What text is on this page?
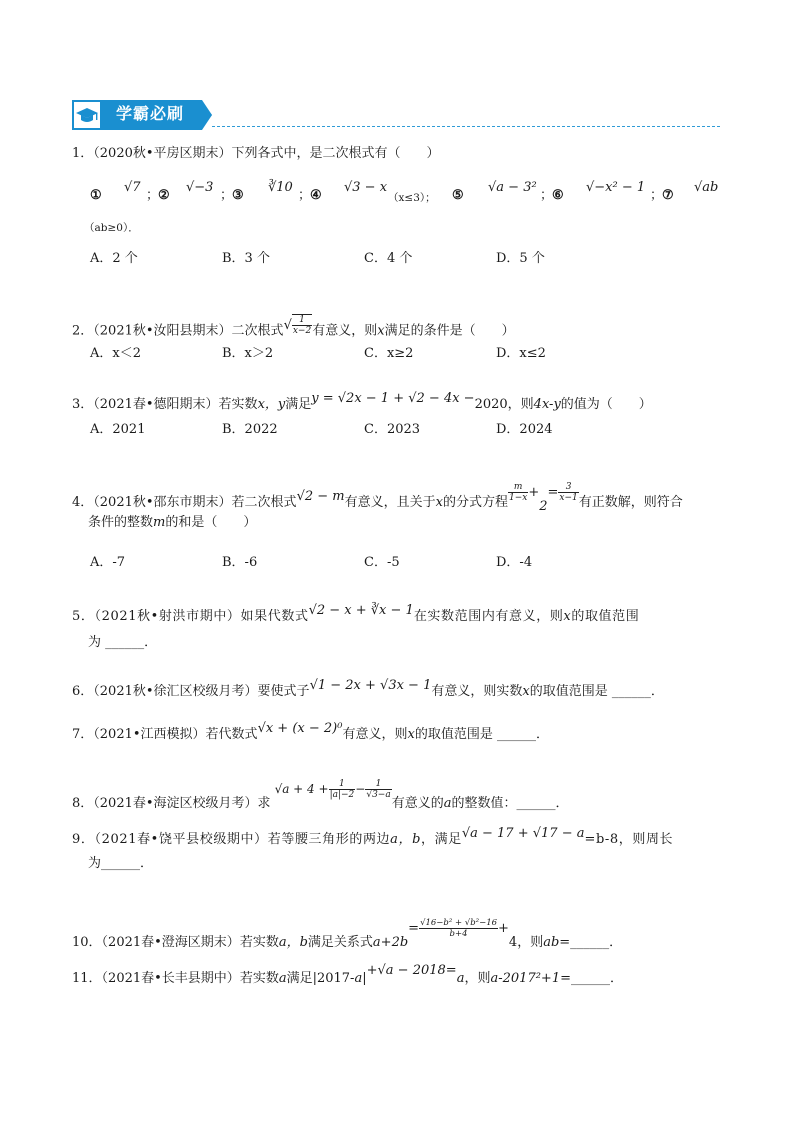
学霸必刷
1．（2020秋•平房区期末）下列各式中，是二次根式有（　　）
①
√7
；
②
√−3
；
③
∛10
；
④
√3 − x
（x≤3）； ⑤
√a − 3²
；
⑥
√−x² − 1
；
⑦
√ab
（ab≥0）．
A．2 个	B．3 个	C．4 个	D．5 个
2．（2021秋•汝阳县期末）二次根式√ $\frac{1}{x-2}$ 有意义，则x满足的条件是（　　）
A．x＜2	B．x＞2	C．x≥2	D．x≤2
3．（2021春•德阳期末）若实数x，y满足y = √2x − 1 + √2 − 4x −2020，则4x-y的值为（　　）
A．2021	B．2022	C．2023	D．2024
4．（2021秋•邵东市期末）若二次根式√2 − m有意义，且关于x的分式方程 $\frac{m}{1-x} +2= \frac{3}{x-1}$ 有正数解，则符合
条件的整数m的和是（　　）
A．-7	B．-6	C．-5	D．-4
5．（2021秋•射洪市期中）如果代数式√2 − x + ∛x − 1在实数范围内有意义，则x的取值范围
为 ______．
6．（2021秋•徐汇区校级月考）要使式子√1 − 2x + √3x − 1有意义，则实数x的取值范围是 ______．
7．（2021•江西模拟）若代数式√x + (x − 2)⁰有意义，则x的取值范围是 ______．
8．（2021春•海淀区校级月考）求$√a + 4 + \frac{1}{|a|-2} - \frac{1}{√3-a}$
有意义的a的整数值：______．
9．（2021春•饶平县校级期中）若等腰三角形的两边a，b，满足√a − 17 + √17 − a=b-8，则周长
为______．
10．（2021春•澄海区期末）若实数a，b满足关系式$a+2b= \frac{\text{√16−b² + √b²−16}}{b+4} +4$，则ab=______．
11．（2021春•长丰县期中）若实数a满足|2017-a|+√a − 2018=a，则a-2017²+1=______．
